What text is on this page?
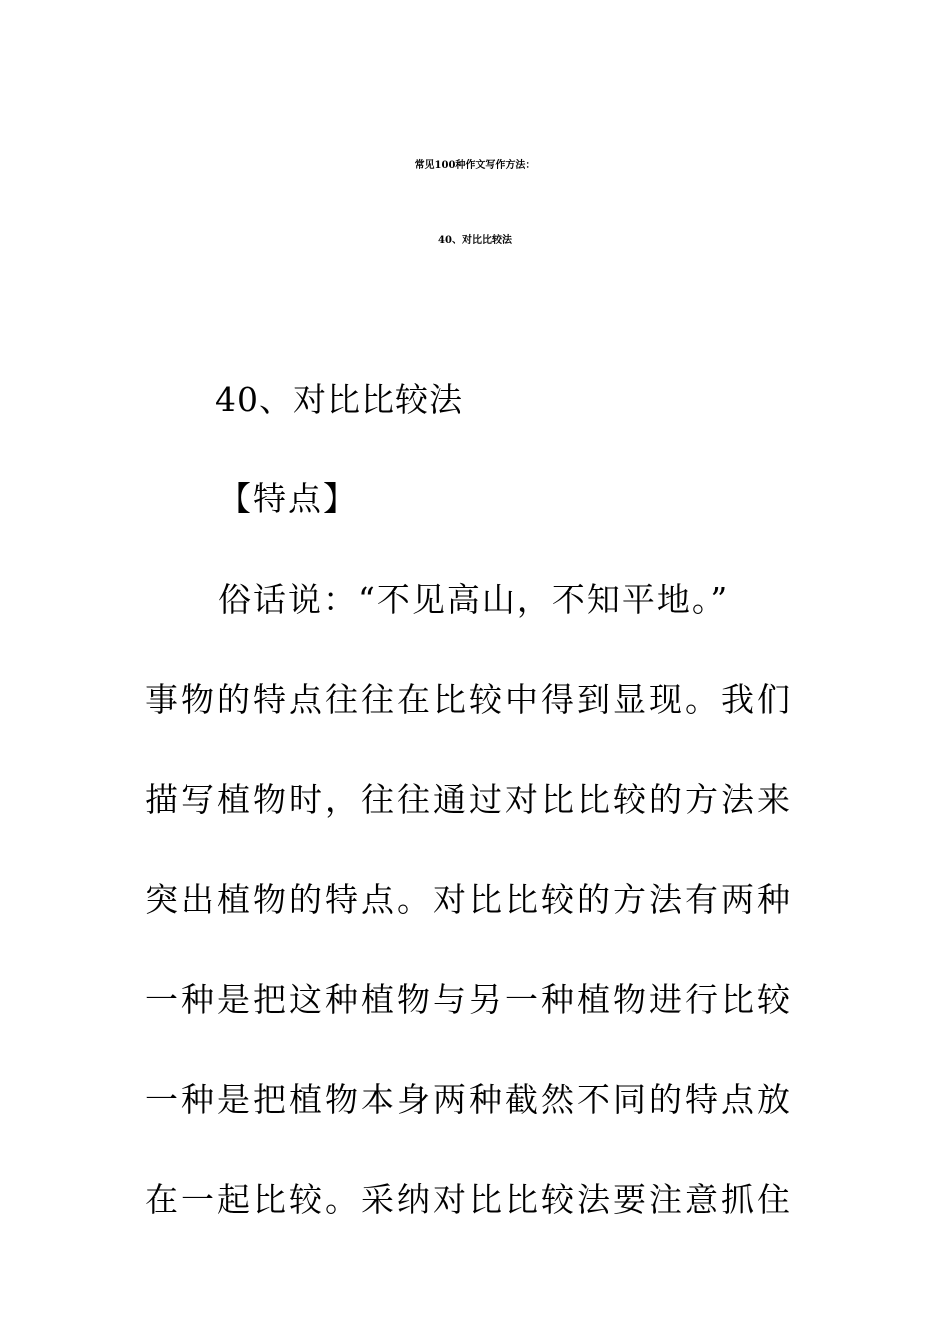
常见100种作文写作方法：
40、对比比较法
40、对比比较法
【特点】
俗话说：“不见高山，不知平地。”
事物的特点往往在比较中得到显现。我们
描写植物时，往往通过对比比较的方法来
突出植物的特点。对比比较的方法有两种
一种是把这种植物与另一种植物进行比较
一种是把植物本身两种截然不同的特点放
在一起比较。采纳对比比较法要注意抓住
